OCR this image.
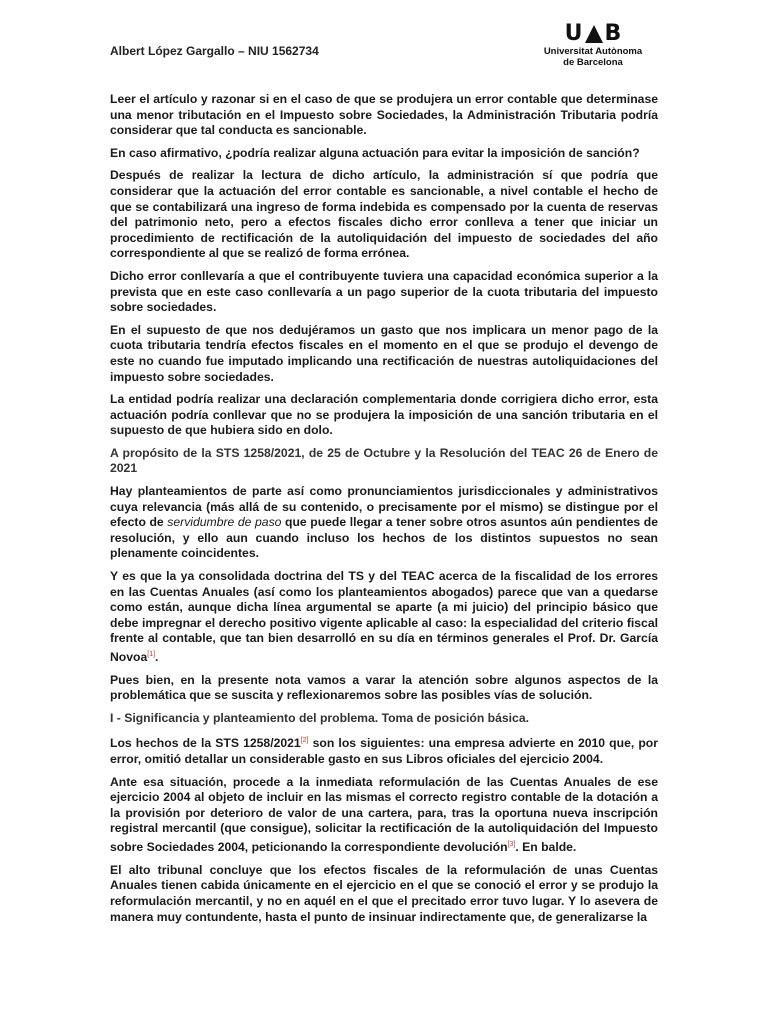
Albert López Gargallo – NIU 1562734
U B
Universitat Autònoma
de Barcelona

Leer el artículo y razonar si en el caso de que se produjera un error contable que determinase una menor tributación en el Impuesto sobre Sociedades, la Administración Tributaria podría considerar que tal conducta es sancionable.

En caso afirmativo, ¿podría realizar alguna actuación para evitar la imposición de sanción?

Después de realizar la lectura de dicho artículo, la administración sí que podría que considerar que la actuación del error contable es sancionable, a nivel contable el hecho de que se contabilizará una ingreso de forma indebida es compensado por la cuenta de reservas del patrimonio neto, pero a efectos fiscales dicho error conlleva a tener que iniciar un procedimiento de rectificación de la autoliquidación del impuesto de sociedades del año correspondiente al que se realizó de forma errónea.

Dicho error conllevaría a que el contribuyente tuviera una capacidad económica superior a la prevista que en este caso conllevaría a un pago superior de la cuota tributaria del impuesto sobre sociedades.

En el supuesto de que nos dedujéramos un gasto que nos implicara un menor pago de la cuota tributaria tendría efectos fiscales en el momento en el que se produjo el devengo de este no cuando fue imputado implicando una rectificación de nuestras autoliquidaciones del impuesto sobre sociedades.

La entidad podría realizar una declaración complementaria donde corrigiera dicho error, esta actuación podría conllevar que no se produjera la imposición de una sanción tributaria en el supuesto de que hubiera sido en dolo.

A propósito de la STS 1258/2021, de 25 de Octubre y la Resolución del TEAC 26 de Enero de 2021

Hay planteamientos de parte así como pronunciamientos jurisdiccionales y administrativos cuya relevancia (más allá de su contenido, o precisamente por el mismo) se distingue por el efecto de servidumbre de paso que puede llegar a tener sobre otros asuntos aún pendientes de resolución, y ello aun cuando incluso los hechos de los distintos supuestos no sean plenamente coincidentes.

Y es que la ya consolidada doctrina del TS y del TEAC acerca de la fiscalidad de los errores en las Cuentas Anuales (así como los planteamientos abogados) parece que van a quedarse como están, aunque dicha línea argumental se aparte (a mi juicio) del principio básico que debe impregnar el derecho positivo vigente aplicable al caso: la especialidad del criterio fiscal frente al contable, que tan bien desarrolló en su día en términos generales el Prof. Dr. García Novoa[1].

Pues bien, en la presente nota vamos a varar la atención sobre algunos aspectos de la problemática que se suscita y reflexionaremos sobre las posibles vías de solución.

I - Significancia y planteamiento del problema. Toma de posición básica.

Los hechos de la STS 1258/2021[2] son los siguientes: una empresa advierte en 2010 que, por error, omitió detallar un considerable gasto en sus Libros oficiales del ejercicio 2004.

Ante esa situación, procede a la inmediata reformulación de las Cuentas Anuales de ese ejercicio 2004 al objeto de incluir en las mismas el correcto registro contable de la dotación a la provisión por deterioro de valor de una cartera, para, tras la oportuna nueva inscripción registral mercantil (que consigue), solicitar la rectificación de la autoliquidación del Impuesto sobre Sociedades 2004, peticionando la correspondiente devolución[3]. En balde.

El alto tribunal concluye que los efectos fiscales de la reformulación de unas Cuentas Anuales tienen cabida únicamente en el ejercicio en el que se conoció el error y se produjo la reformulación mercantil, y no en aquél en el que el precitado error tuvo lugar. Y lo asevera de manera muy contundente, hasta el punto de insinuar indirectamente que, de generalizarse la
